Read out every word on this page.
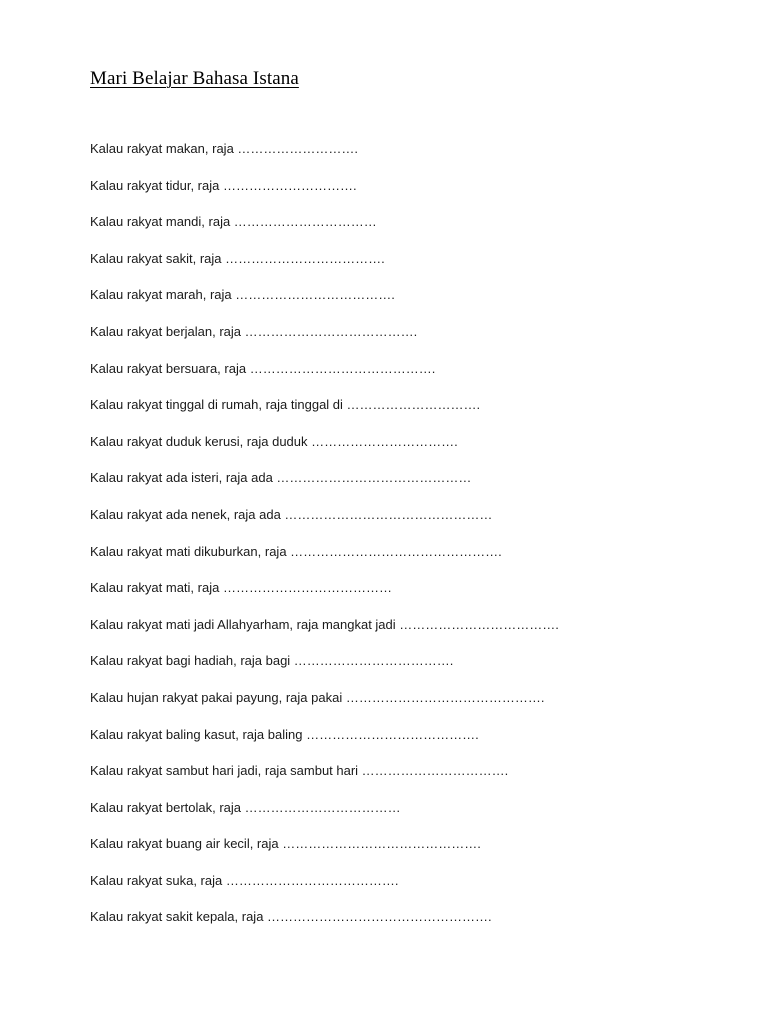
Mari Belajar Bahasa Istana
Kalau rakyat makan, raja ……………………….
Kalau rakyat tidur, raja ………………………….
Kalau rakyat mandi, raja ……………………………
Kalau rakyat sakit, raja ……………………………….
Kalau rakyat marah, raja ……………………………….
Kalau rakyat berjalan, raja ………………………………….
Kalau rakyat bersuara, raja …………………………………….
Kalau rakyat tinggal di rumah, raja tinggal di ………………………….
Kalau rakyat duduk kerusi, raja duduk …………………………….
Kalau rakyat ada isteri, raja ada ………………………………………
Kalau rakyat ada nenek, raja ada …………………………………………
Kalau rakyat mati dikuburkan, raja ………………………………………….
Kalau rakyat mati, raja …………………………………
Kalau rakyat mati jadi Allahyarham, raja mangkat jadi ……………………………….
Kalau rakyat bagi hadiah, raja bagi ……………………………….
Kalau hujan rakyat pakai payung, raja pakai ……………………………………….
Kalau rakyat baling kasut, raja baling ………………………………….
Kalau rakyat sambut hari jadi, raja sambut hari …………………………….
Kalau rakyat bertolak, raja ………………………………
Kalau rakyat buang air kecil, raja ……………………………………….
Kalau rakyat suka, raja ………………………………….
Kalau rakyat sakit kepala, raja …………………………………………….
